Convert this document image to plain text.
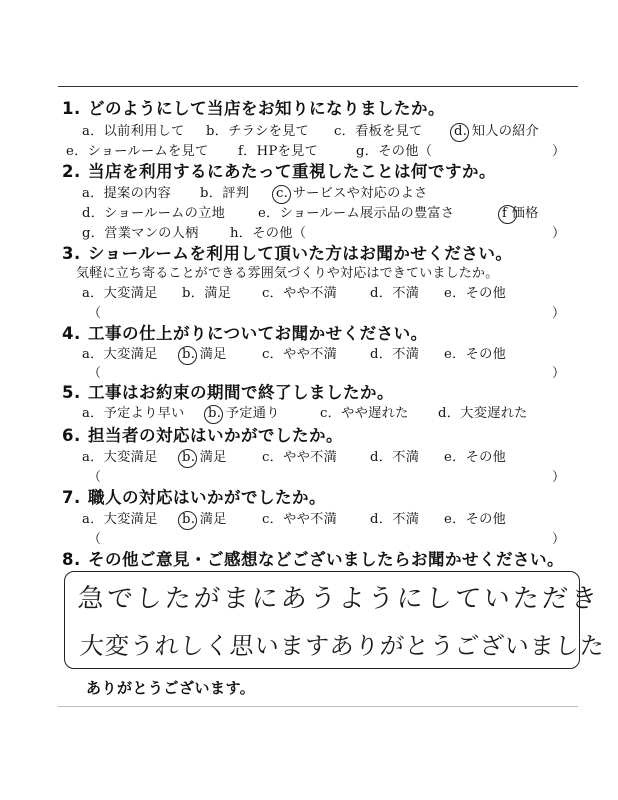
1. どのようにして当店をお知りになりましたか。
a．以前利用して b．チラシを見て c．看板を見て d. 知人の紹介
e．ショールームを見て f．HPを見て	g．その他（	）
2. 当店を利用するにあたって重視したことは何ですか。
a．提案の内容 b．評判 c. サービスや対応のよさ
d．ショールームの立地 e．ショールーム展示品の豊富さ	f 価格
g．営業マンの人柄 h．その他（	）
3. ショールームを利用して頂いた方はお聞かせください。
気軽に立ち寄ることができる雰囲気づくりや対応はできていましたか。
a．大変満足 b．満足 c．やや不満 d．不満 e．その他
（	）
4. 工事の仕上がりについてお聞かせください。
a．大変満足 b. 満足	c．やや不満 d．不満 e．その他
（	）
5. 工事はお約束の期間で終了しましたか。
a．予定より早い b. 予定通り	c．やや遅れた d．大変遅れた
6. 担当者の対応はいかがでしたか。
a．大変満足 b. 満足	c．やや不満 d．不満 e．その他
（	）
7. 職人の対応はいかがでしたか。
a．大変満足 b. 満足	c．やや不満 d．不満 e．その他
（	）
8. その他ご意見・ご感想などございましたらお聞かせください。
急でしたがまにあうようにしていただき
大変うれしく思いますありがとうございました
ありがとうございます。
